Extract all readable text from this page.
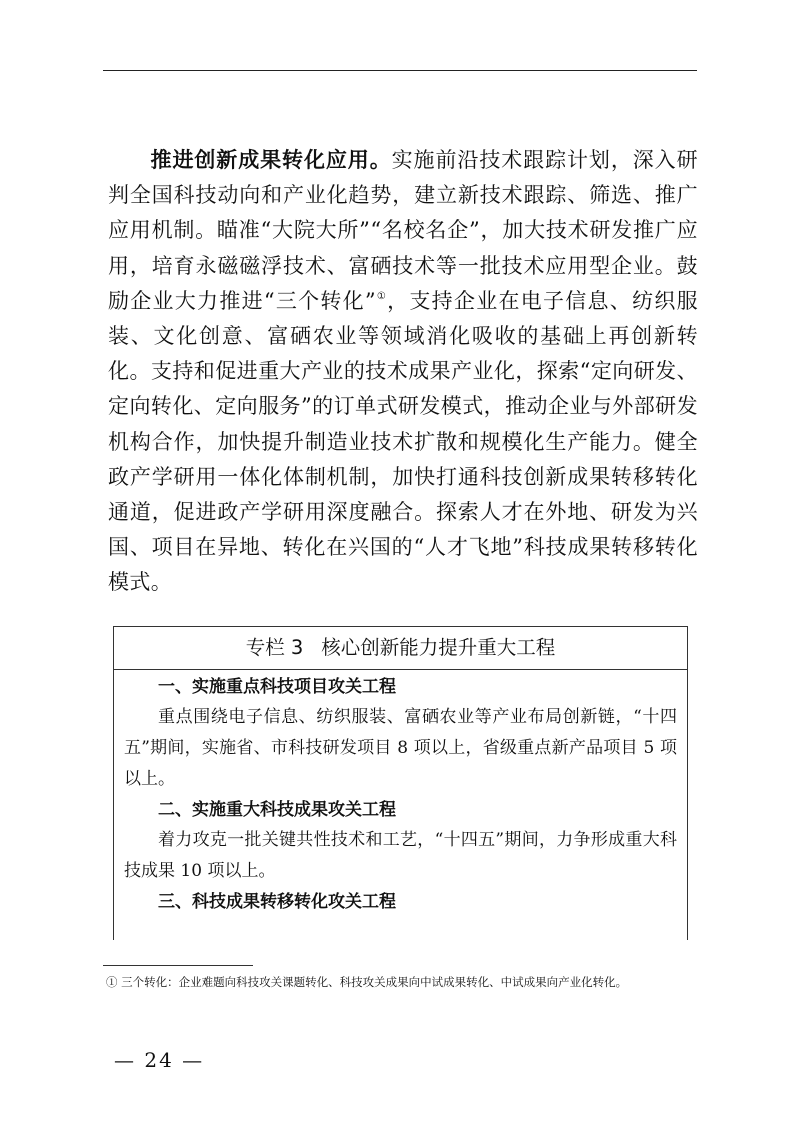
推进创新成果转化应用。实施前沿技术跟踪计划，深入研判全国科技动向和产业化趋势，建立新技术跟踪、筛选、推广应用机制。瞄准“大院大所”“名校名企”，加大技术研发推广应用，培育永磁磁浮技术、富硒技术等一批技术应用型企业。鼓励企业大力推进“三个转化”①，支持企业在电子信息、纺织服装、文化创意、富硒农业等领域消化吸收的基础上再创新转化。支持和促进重大产业的技术成果产业化，探索“定向研发、定向转化、定向服务”的订单式研发模式，推动企业与外部研发机构合作，加快提升制造业技术扩散和规模化生产能力。健全政产学研用一体化体制机制，加快打通科技创新成果转移转化通道，促进政产学研用深度融合。探索人才在外地、研发为兴国、项目在异地、转化在兴国的“人才飞地”科技成果转移转化模式。
专栏 3 核心创新能力提升重大工程
一、实施重点科技项目攻关工程

重点围绕电子信息、纺织服装、富硒农业等产业布局创新链，“十四五”期间，实施省、市科技研发项目 8 项以上，省级重点新产品项目 5 项以上。

二、实施重大科技成果攻关工程

着力攻克一批关键共性技术和工艺，“十四五”期间，力争形成重大科技成果 10 项以上。

三、科技成果转移转化攻关工程
① 三个转化：企业难题向科技攻关课题转化、科技攻关成果向中试成果转化、中试成果向产业化转化。
— 24 —
